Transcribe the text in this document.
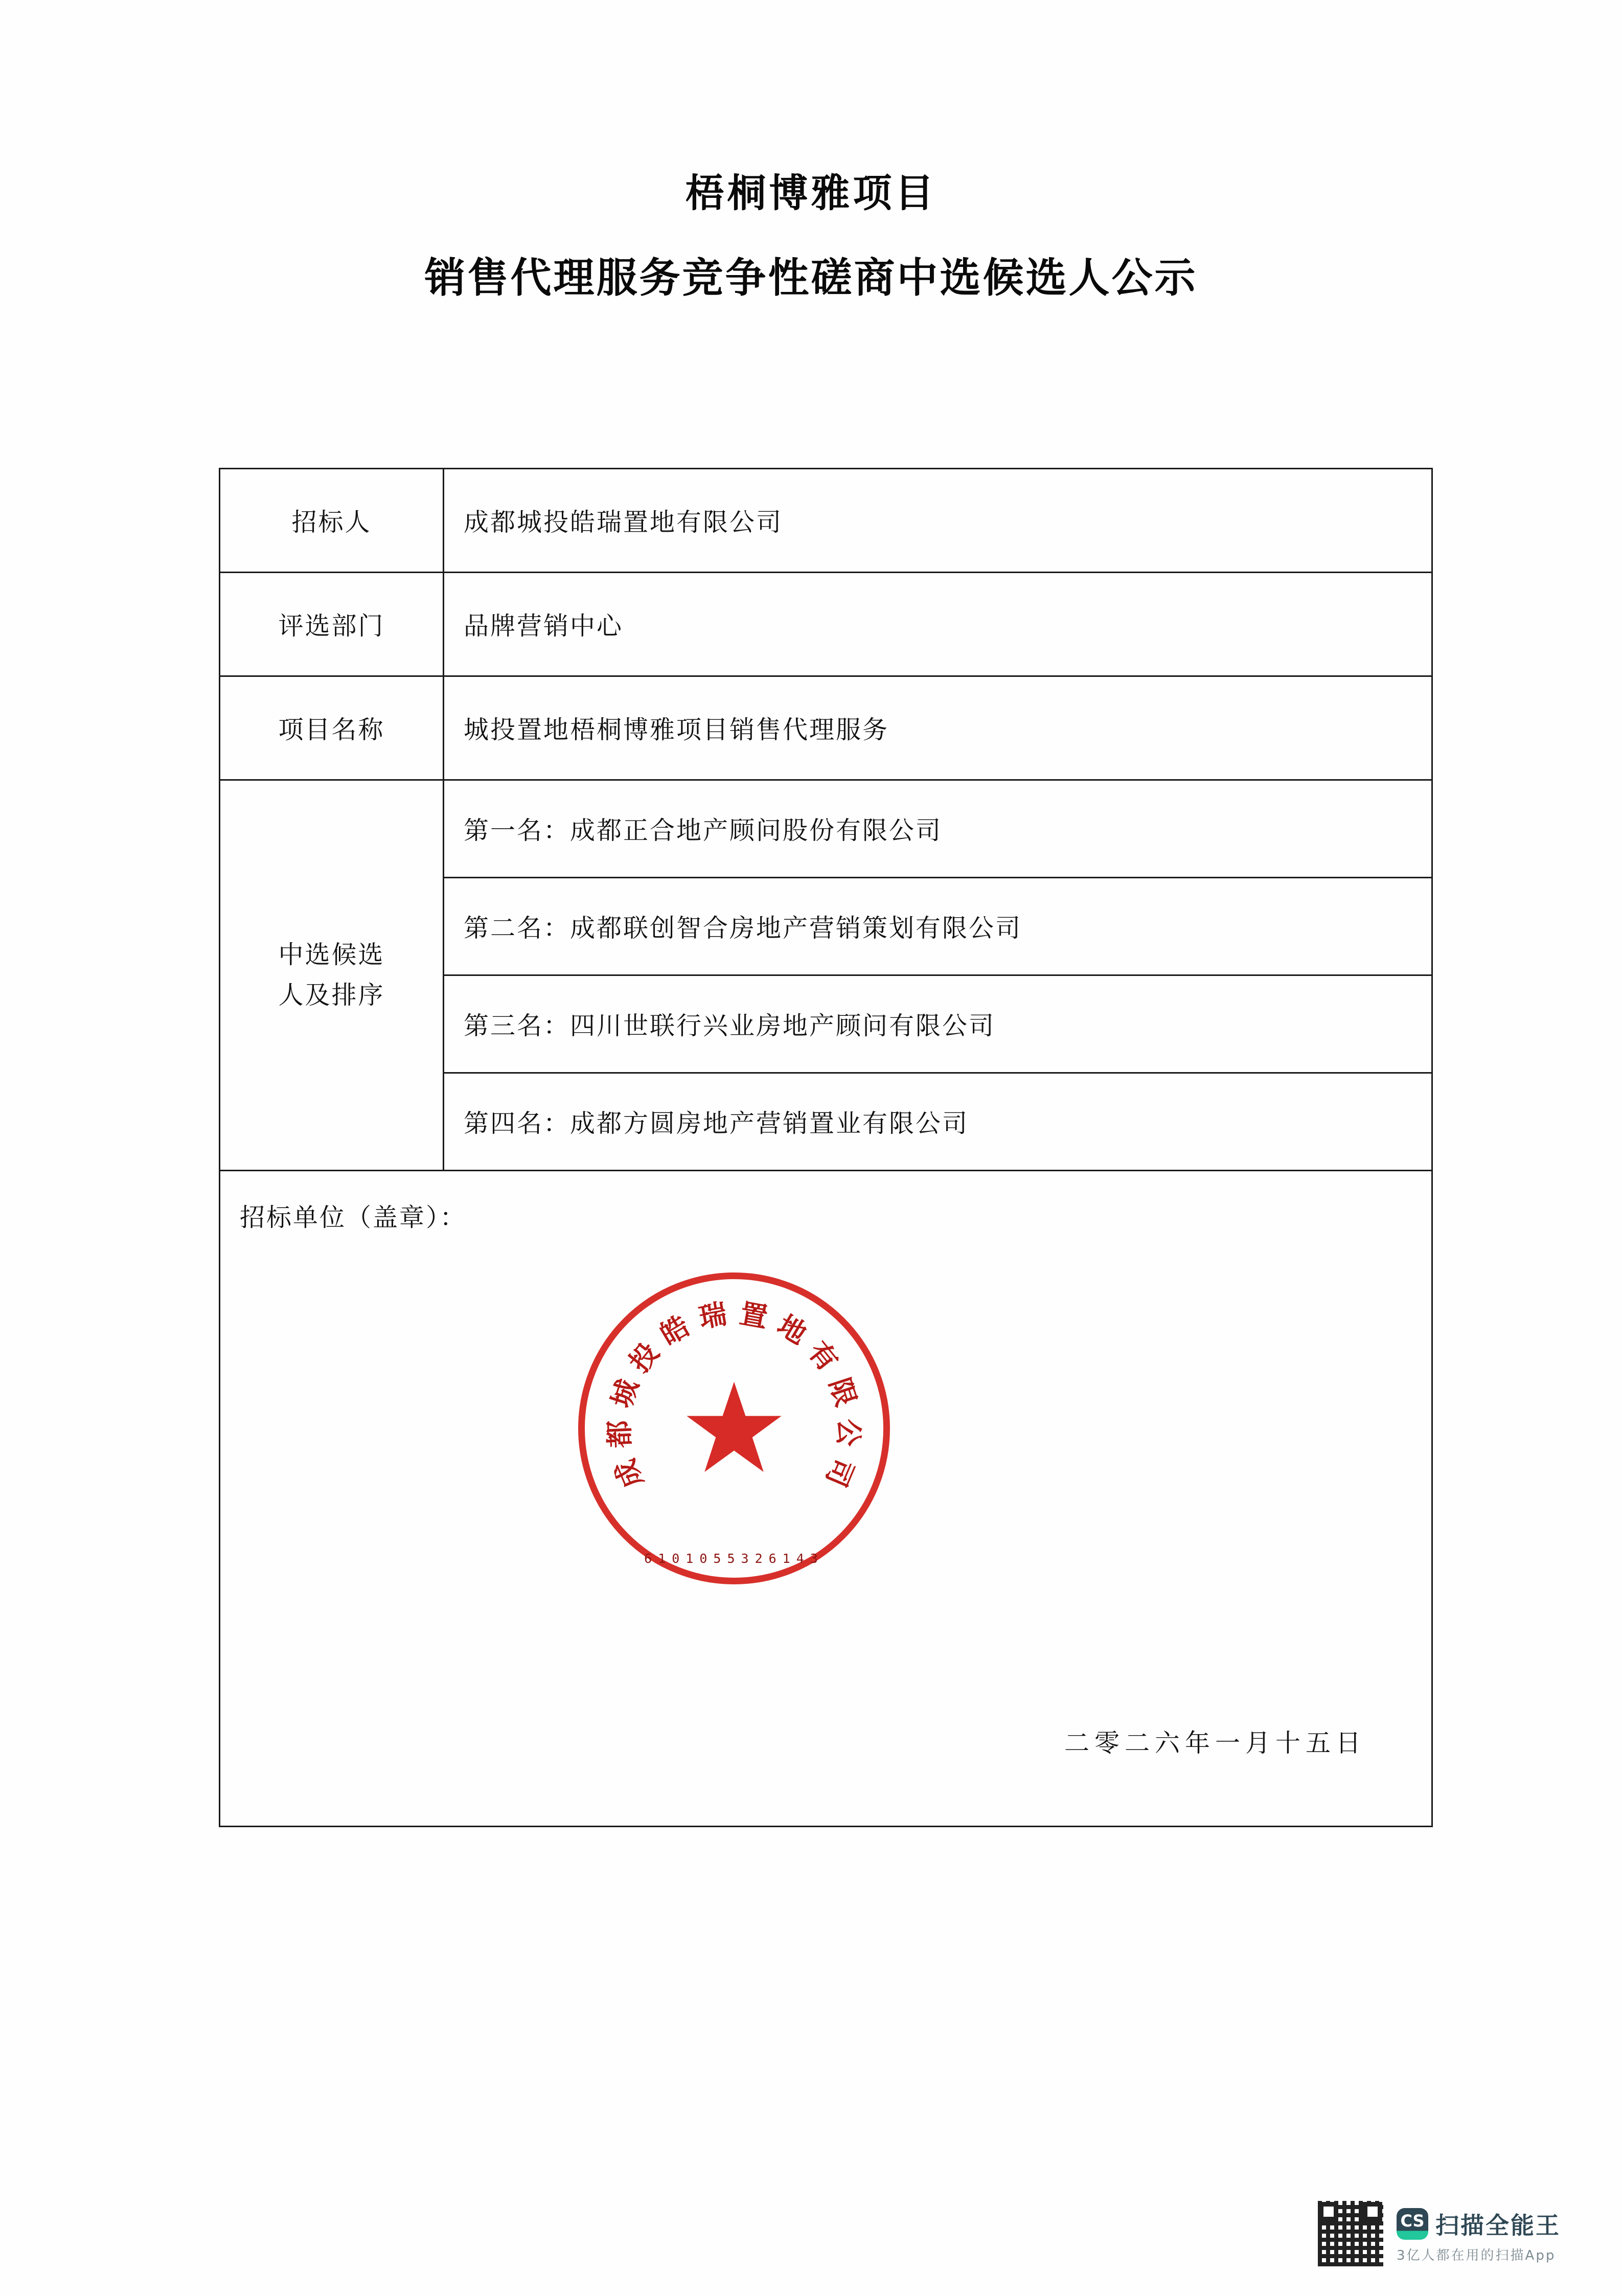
梧桐博雅项目
销售代理服务竞争性磋商中选候选人公示
招标人	成都城投皓瑞置地有限公司
评选部门	品牌营销中心
项目名称	城投置地梧桐博雅项目销售代理服务

中选候选
人及排序	第一名：成都正合地产顾问股份有限公司
	第二名：成都联创智合房地产营销策划有限公司
	第三名：四川世联行兴业房地产顾问有限公司
	第四名：成都方圆房地产营销置业有限公司

招标单位（盖章）：
成
都
城
投
皓 瑞 置 地
有
限
公
司
6101055326143
二零二六年一月十五日
CS 扫描全能王
3亿人都在用的扫描App
